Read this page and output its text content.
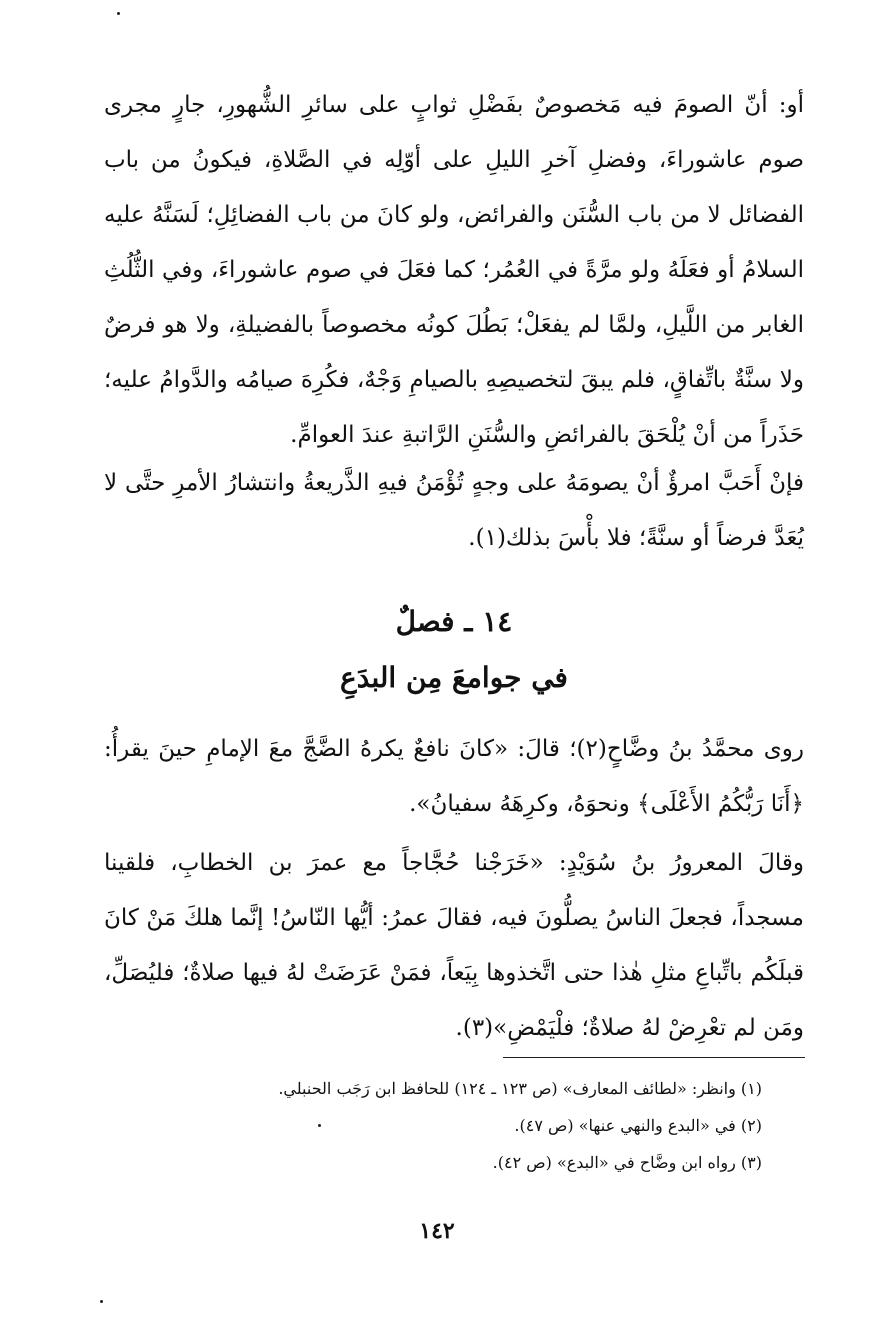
أو: أنّ الصومَ فيه مَخصوصٌ بفَضْلِ ثوابٍ على سائرِ الشُّهورِ، جارٍ مجرى صوم عاشوراءَ، وفضلِ آخرِ الليلِ على أوّلِه في الصَّلاةِ، فيكونُ من باب الفضائل لا من باب السُّنَن والفرائض، ولو كانَ من باب الفضائِلِ؛ لَسَنَّهُ عليه السلامُ أو فعَلَهُ ولو مرَّةً في العُمُر؛ كما فعَلَ في صوم عاشوراءَ، وفي الثُّلُثِ الغابر من اللَّيلِ، ولمَّا لم يفعَلْ؛ بَطُلَ كونُه مخصوصاً بالفضيلةِ، ولا هو فرضٌ ولا سنَّةٌ باتِّفاقٍ، فلم يبقَ لتخصيصِهِ بالصيامِ وَجْهٌ، فكُرِهَ صيامُه والدَّوامُ عليه؛ حَذَراً من أنْ يُلْحَقَ بالفرائضِ والسُّنَنِ الرَّاتبةِ عندَ العوامِّ.
فإنْ أَحَبَّ امرؤٌ أنْ يصومَهُ على وجهٍ تُؤْمَنُ فيهِ الذَّريعةُ وانتشارُ الأمرِ حتَّى لا يُعَدَّ فرضاً أو سنَّةً؛ فلا بأْسَ بذلك(١).
١٤ ـ فصلٌ
في جوامعَ مِن البدَعِ
روى محمَّدُ بنُ وضَّاحٍ(٢)؛ قالَ: «كانَ نافعٌ يكرهُ الضَّجَّ معَ الإمامِ حينَ يقرأُ: ﴿أَنَا رَبُّكُمُ الأَعْلَى﴾ ونحوَهُ، وكرِهَهُ سفيانُ».
وقالَ المعرورُ بنُ سُوَيْدٍ: «خَرَجْنا حُجَّاجاً مع عمرَ بن الخطابِ، فلقينا مسجداً، فجعلَ الناسُ يصلُّونَ فيه، فقالَ عمرُ: أيُّها النّاسُ! إنَّما هلكَ مَنْ كانَ قبلَكُم باتِّباعِ مثلِ هٰذا حتى اتَّخذوها بِيَعاً، فمَنْ عَرَضَتْ لهُ فيها صلاةٌ؛ فليُصَلِّ، ومَن لم تعْرِضْ لهُ صلاةٌ؛ فلْيَمْضِ»(٣).
(١) وانظر: «لطائف المعارف» (ص ١٢٣ ـ ١٢٤) للحافظ ابن رَجَب الحنبلي.
(٢) في «البدع والنهي عنها» (ص ٤٧).
(٣) رواه ابن وضَّاح في «البدع» (ص ٤٢).
١٤٢
